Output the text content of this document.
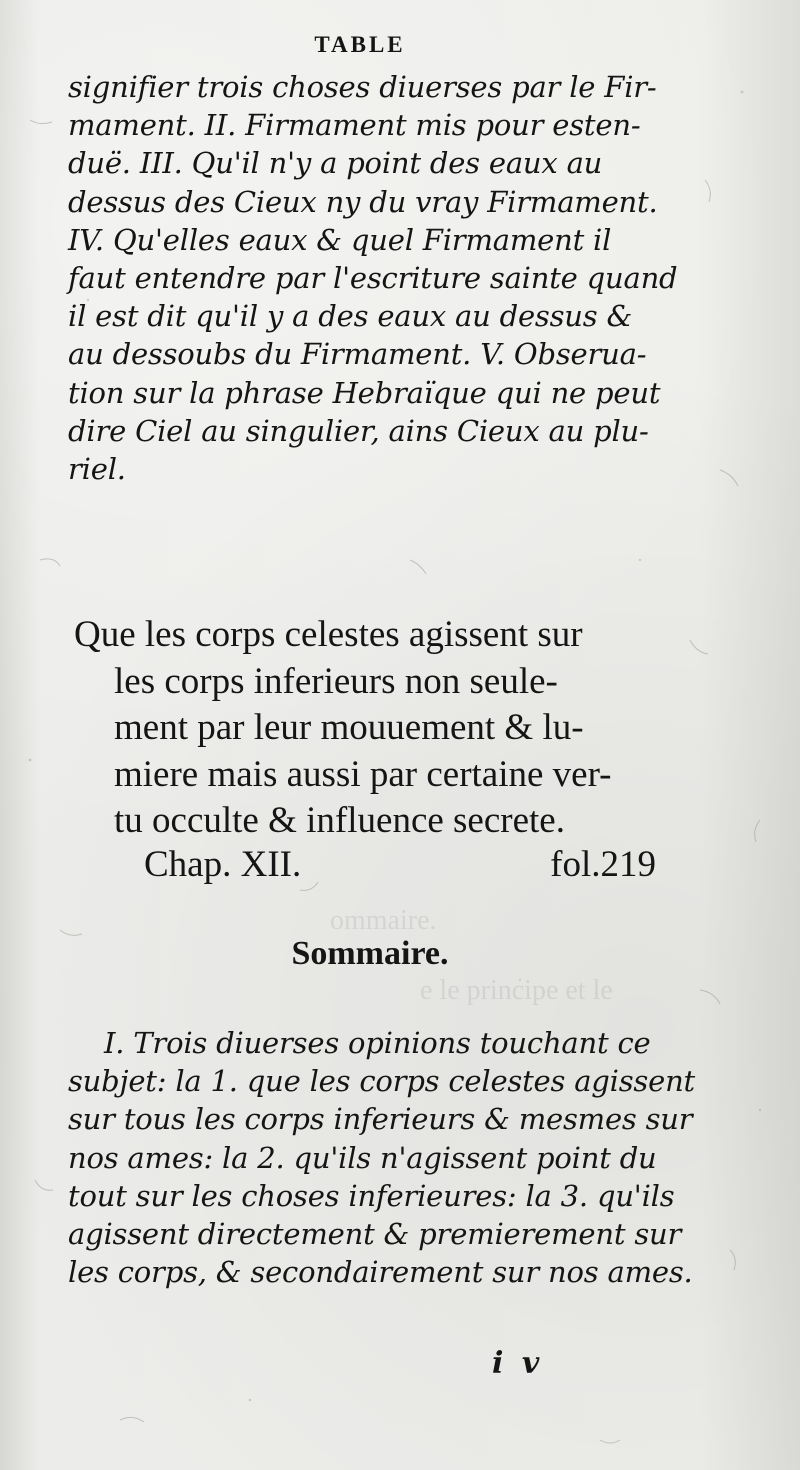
ommaire.
e le principe et le
TABLE
signifier trois choses diuerses par le Fir-
mament. II. Firmament mis pour esten-
duë. III. Qu'il n'y a point des eaux au
dessus des Cieux ny du vray Firmament.
IV. Qu'elles eaux & quel Firmament il
faut entendre par l'escriture sainte quand
il est dit qu'il y a des eaux au dessus &
au dessoubs du Firmament. V. Obserua-
tion sur la phrase Hebraïque qui ne peut
dire Ciel au singulier, ains Cieux au plu-
riel.
Que les corps celestes agissent sur
les corps inferieurs non seule-
ment par leur mouuement & lu-
miere mais aussi par certaine ver-
tu occulte & influence secrete.
Chap. XII.	fol.219
Sommaire.
I. Trois diuerses opinions touchant ce
subjet: la 1. que les corps celestes agissent
sur tous les corps inferieurs & mesmes sur
nos ames: la 2. qu'ils n'agissent point du
tout sur les choses inferieures: la 3. qu'ils
agissent directement & premierement sur
les corps, & secondairement sur nos ames.
i v
